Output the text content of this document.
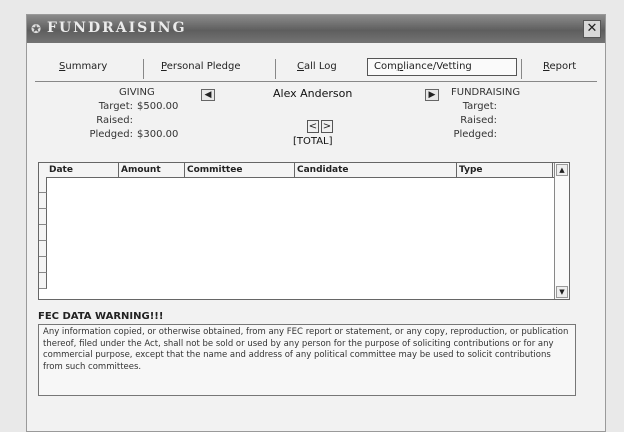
✪ FUNDRAISING	✕
Summary	Personal Pledge	Call Log	Compliance/Vetting	Report
GIVING
Target: $500.00
Raised:
Pledged: $300.00
◀	Alex Anderson
< >
[TOTAL]
▶	FUNDRAISING
Target:
Raised:
Pledged:
Date	Amount	Committee	Candidate	Type	▲
▼
FEC DATA WARNING!!!
Any information copied, or otherwise obtained, from any FEC report or statement, or any copy, reproduction, or publication thereof, filed under the Act, shall not be sold or used by any person for the purpose of soliciting contributions or for any commercial purpose, except that the name and address of any political committee may be used to solicit contributions from such committees.
